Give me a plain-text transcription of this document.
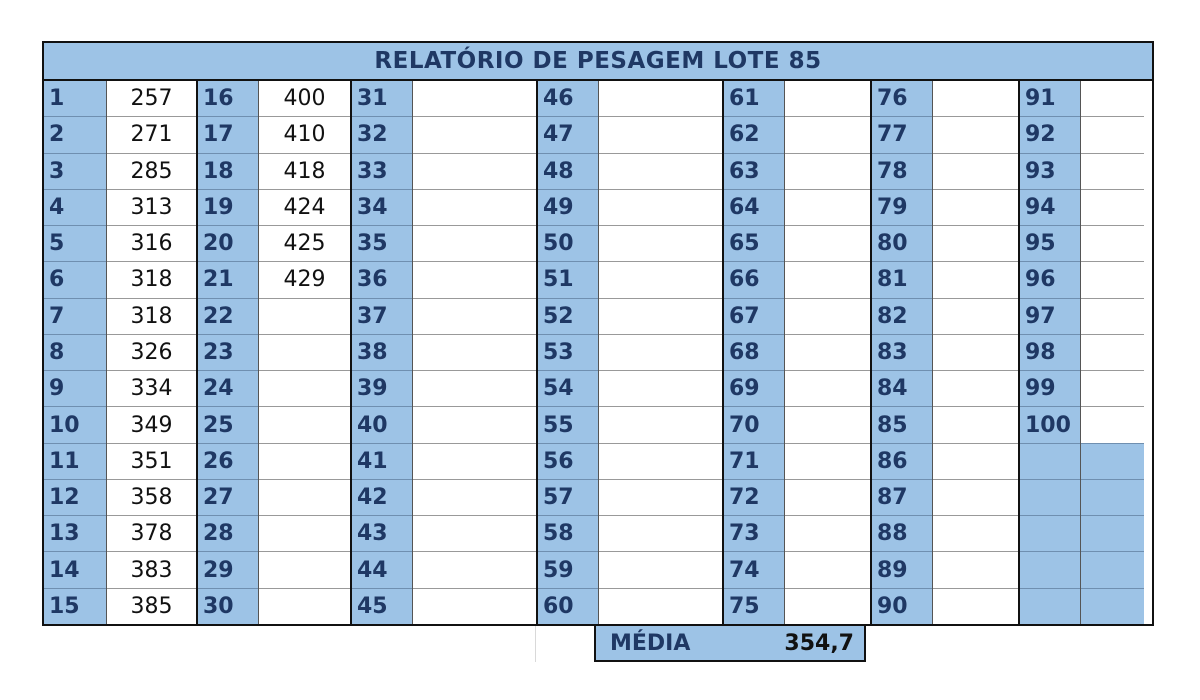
RELATÓRIO DE PESAGEM LOTE 85
1
2
3
4
5
6
7
8
9
10
11
12
13
14
15
257
271
285
313
316
318
318
326
334
349
351
358
378
383
385
16
17
18
19
20
21
22
23
24
25
26
27
28
29
30
400
410
418
424
425
429
31
32
33
34
35
36
37
38
39
40
41
42
43
44
45
46
47
48
49
50
51
52
53
54
55
56
57
58
59
60
61
62
63
64
65
66
67
68
69
70
71
72
73
74
75
76
77
78
79
80
81
82
83
84
85
86
87
88
89
90
91
92
93
94
95
96
97
98
99
100
MÉDIA	354,7
